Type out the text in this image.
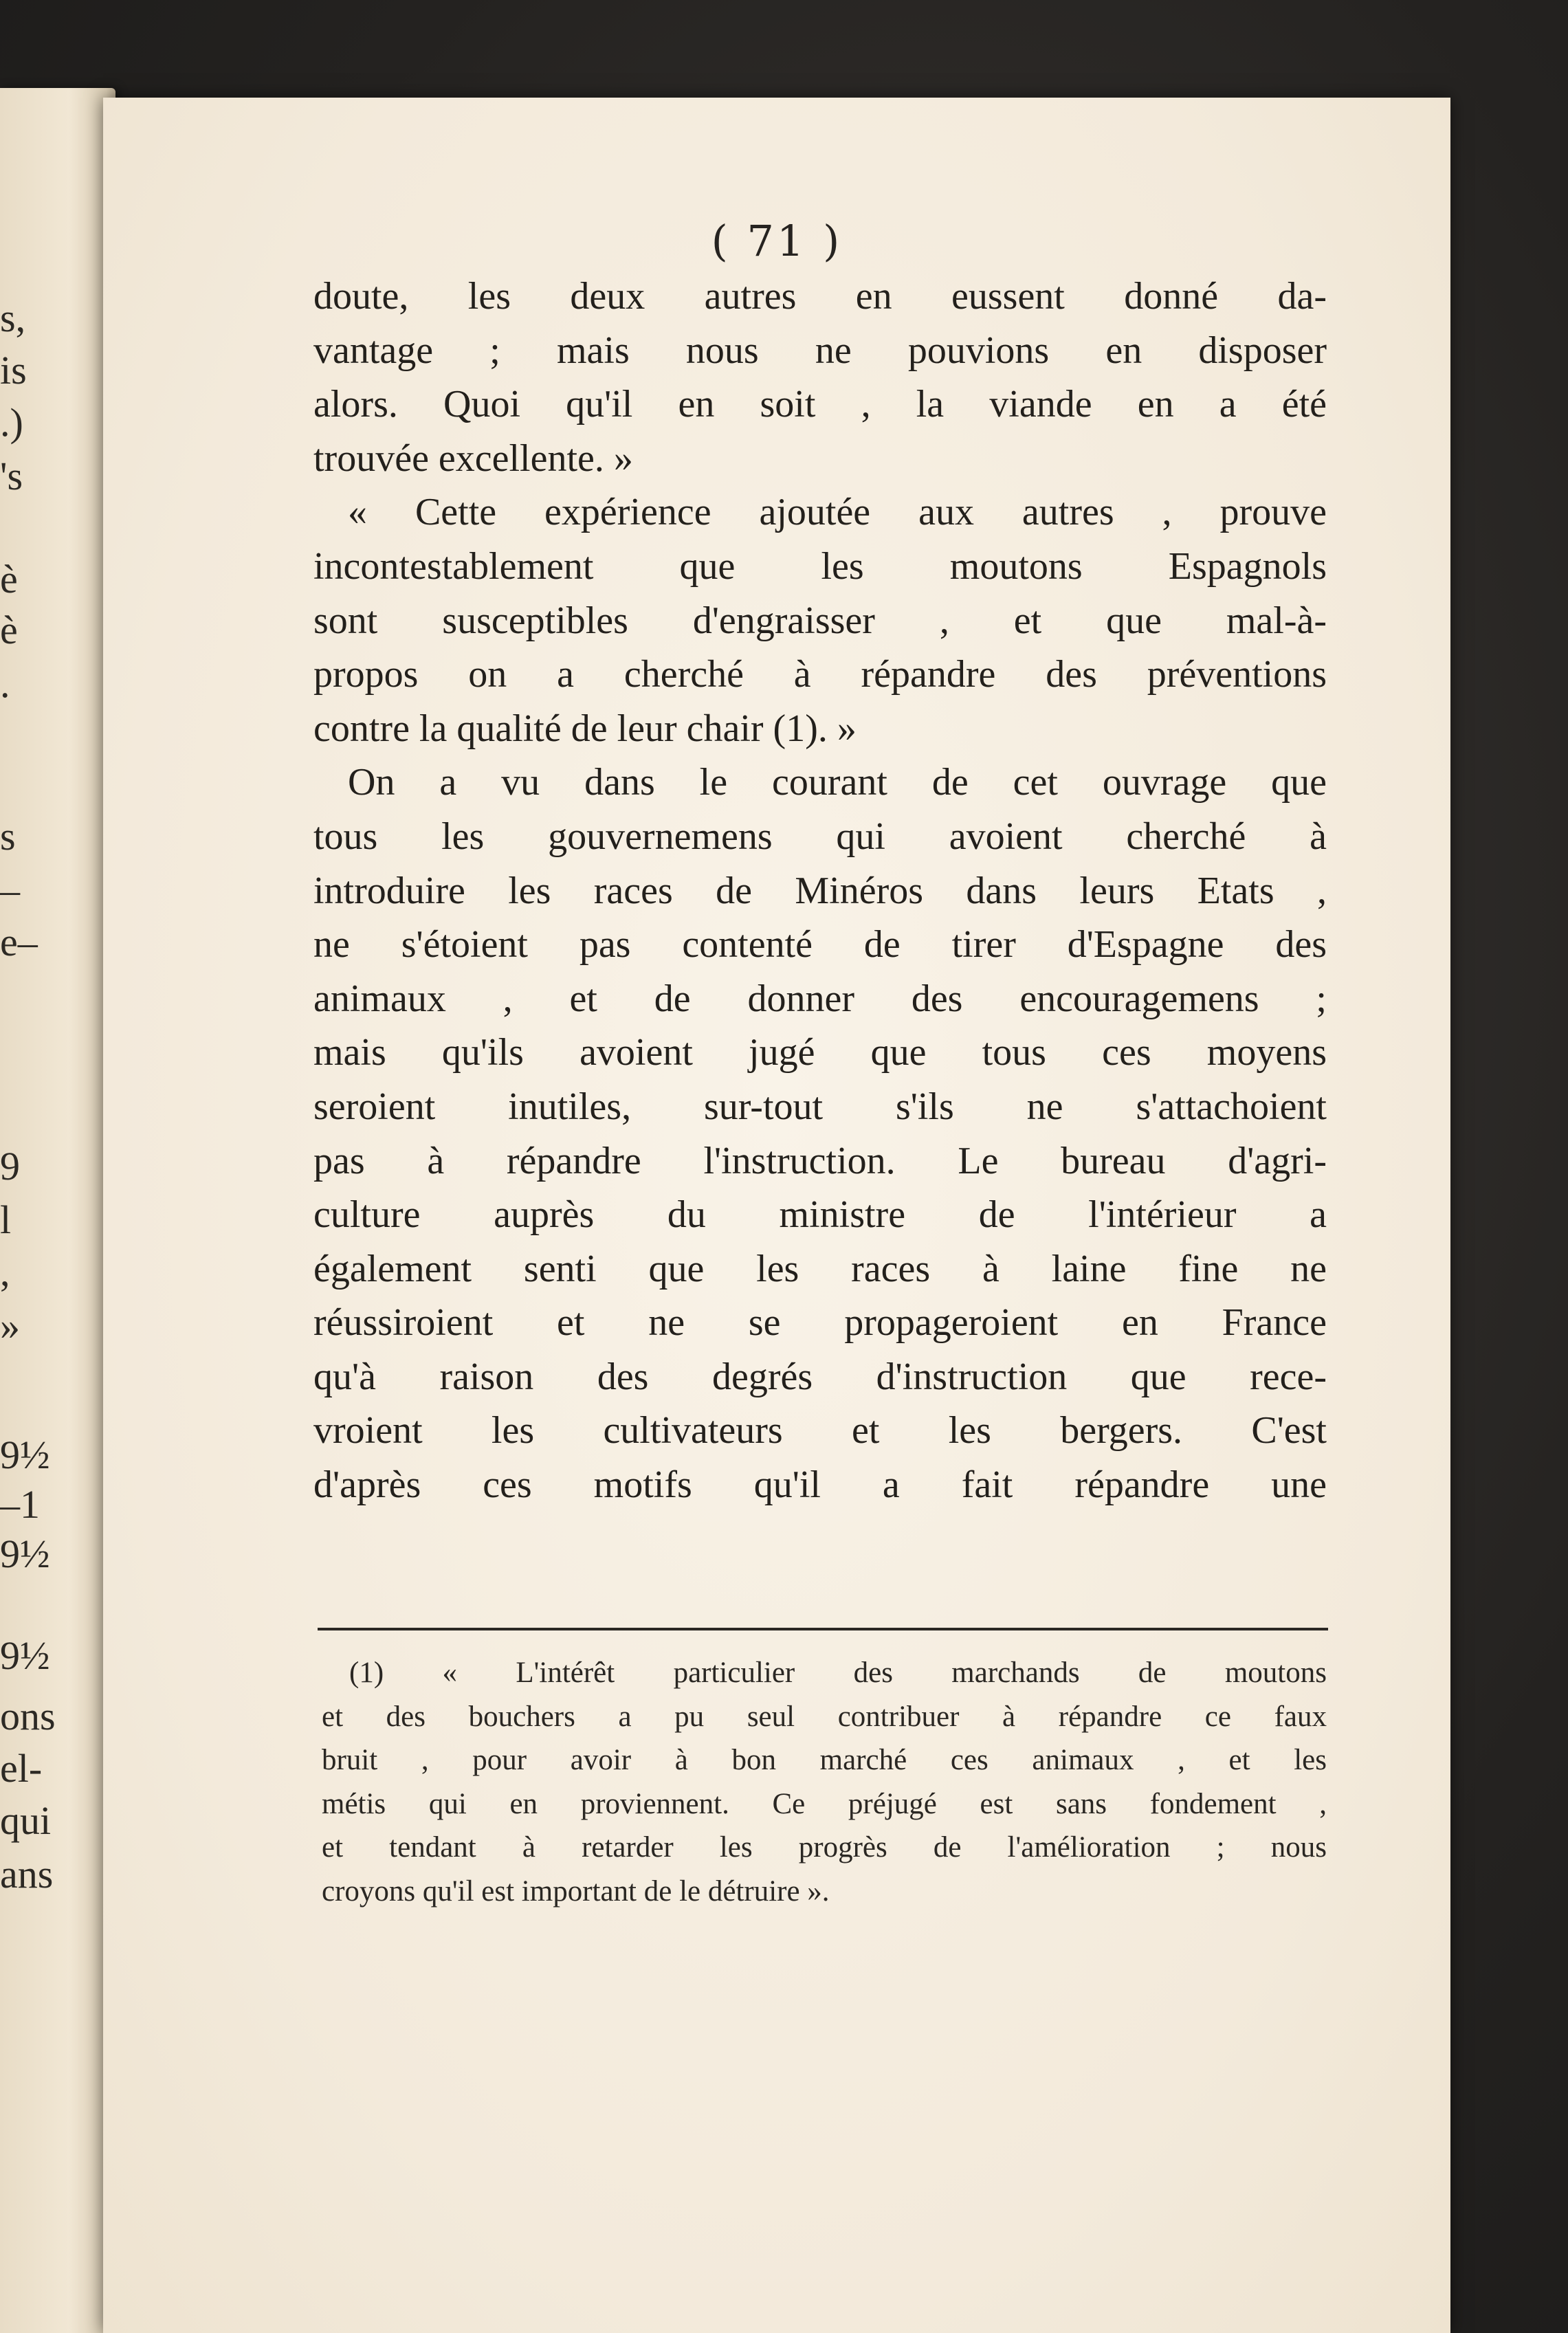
s,
is
.)
's
è
è
.
s
–
e–
9
l
,
»
9½
–1
9½
9½
ons
el-
qui
ans
( 71 )
doute, les deux autres en eussent donné da-
vantage ; mais nous ne pouvions en disposer
alors. Quoi qu'il en soit , la viande en a été
trouvée excellente. »
« Cette expérience ajoutée aux autres , prouve
incontestablement que les moutons Espagnols
sont susceptibles d'engraisser , et que mal-à-
propos on a cherché à répandre des préventions
contre la qualité de leur chair (1). »
On a vu dans le courant de cet ouvrage que
tous les gouvernemens qui avoient cherché à
introduire les races de Minéros dans leurs Etats ,
ne s'étoient pas contenté de tirer d'Espagne des
animaux , et de donner des encouragemens ;
mais qu'ils avoient jugé que tous ces moyens
seroient inutiles, sur-tout s'ils ne s'attachoient
pas à répandre l'instruction. Le bureau d'agri-
culture auprès du ministre de l'intérieur a
également senti que les races à laine fine ne
réussiroient et ne se propageroient en France
qu'à raison des degrés d'instruction que rece-
vroient les cultivateurs et les bergers. C'est
d'après ces motifs qu'il a fait répandre une
(1) « L'intérêt particulier des marchands de moutons
et des bouchers a pu seul contribuer à répandre ce faux
bruit , pour avoir à bon marché ces animaux , et les
métis qui en proviennent. Ce préjugé est sans fondement ,
et tendant à retarder les progrès de l'amélioration ; nous
croyons qu'il est important de le détruire ».
